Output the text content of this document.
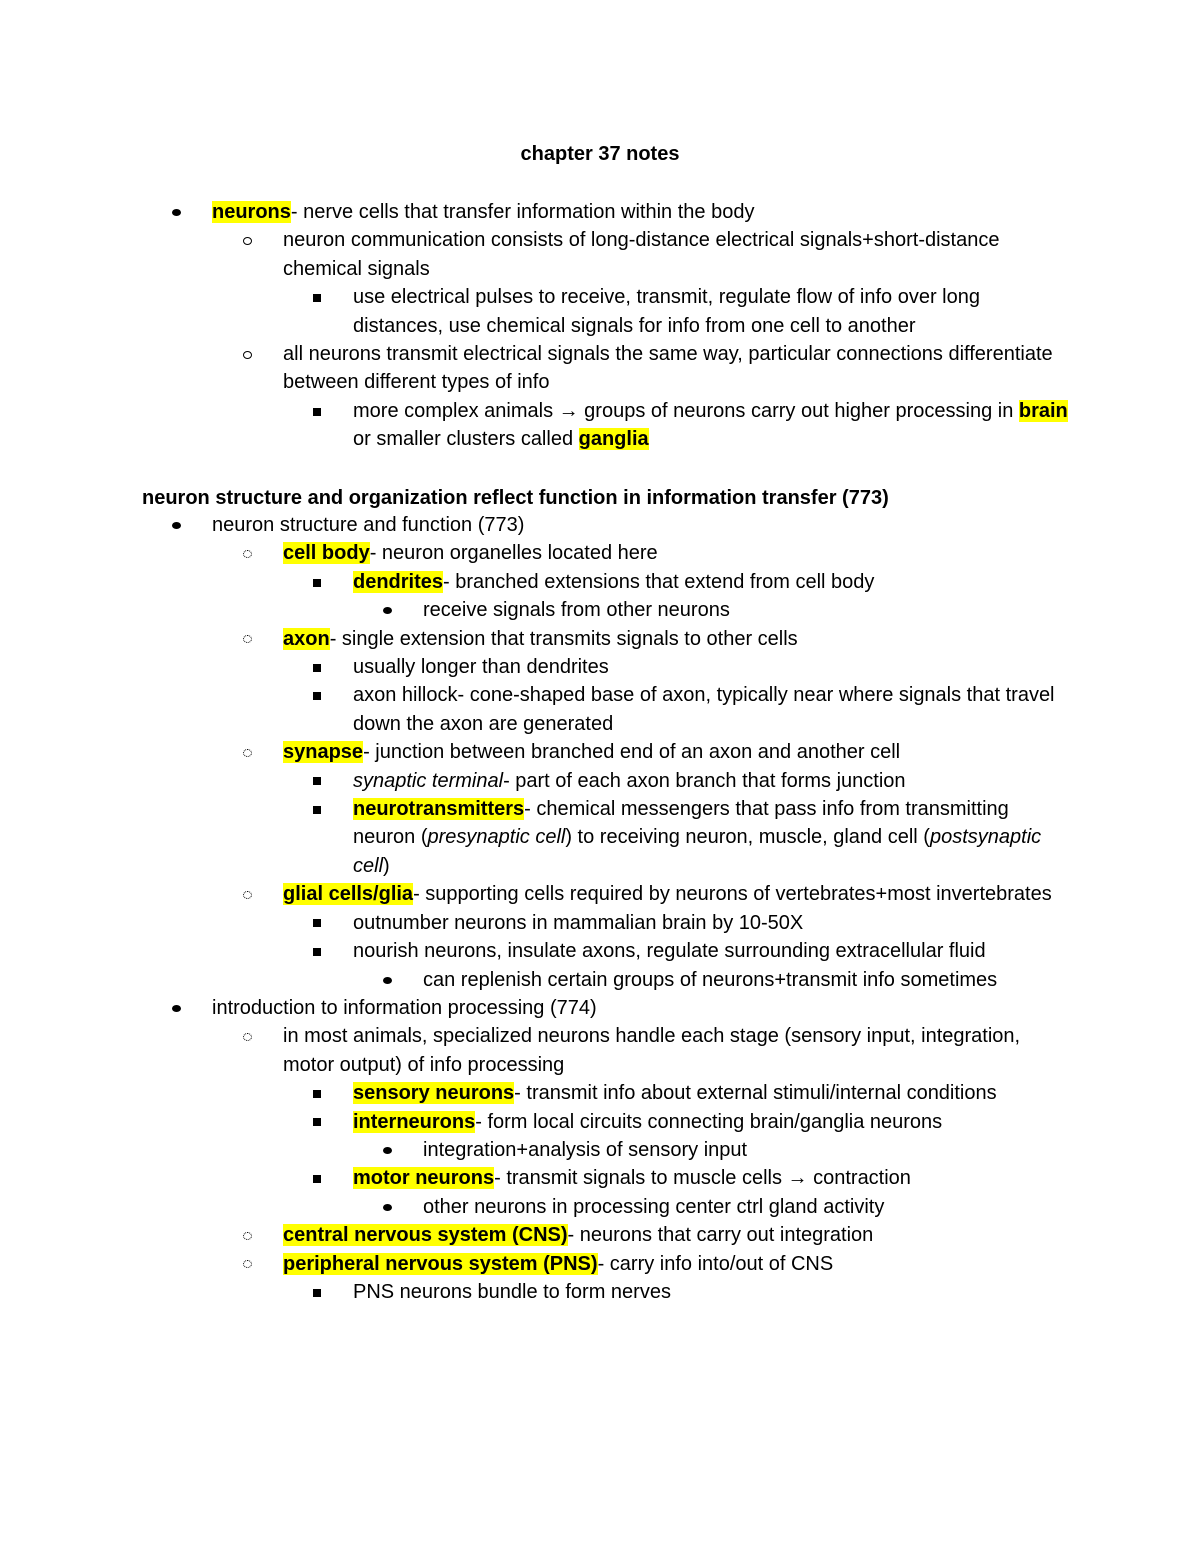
chapter 37 notes
neurons- nerve cells that transfer information within the body
neuron communication consists of long-distance electrical signals+short-distance chemical signals
use electrical pulses to receive, transmit, regulate flow of info over long distances, use chemical signals for info from one cell to another
all neurons transmit electrical signals the same way, particular connections differentiate between different types of info
more complex animals → groups of neurons carry out higher processing in brain or smaller clusters called ganglia
neuron structure and organization reflect function in information transfer (773)
neuron structure and function (773)
cell body- neuron organelles located here
dendrites- branched extensions that extend from cell body
receive signals from other neurons
axon- single extension that transmits signals to other cells
usually longer than dendrites
axon hillock- cone-shaped base of axon, typically near where signals that travel down the axon are generated
synapse- junction between branched end of an axon and another cell
synaptic terminal- part of each axon branch that forms junction
neurotransmitters- chemical messengers that pass info from transmitting neuron (presynaptic cell) to receiving neuron, muscle, gland cell (postsynaptic cell)
glial cells/glia- supporting cells required by neurons of vertebrates+most invertebrates
outnumber neurons in mammalian brain by 10-50X
nourish neurons, insulate axons, regulate surrounding extracellular fluid
can replenish certain groups of neurons+transmit info sometimes
introduction to information processing (774)
in most animals, specialized neurons handle each stage (sensory input, integration, motor output) of info processing
sensory neurons- transmit info about external stimuli/internal conditions
interneurons- form local circuits connecting brain/ganglia neurons
integration+analysis of sensory input
motor neurons- transmit signals to muscle cells → contraction
other neurons in processing center ctrl gland activity
central nervous system (CNS)- neurons that carry out integration
peripheral nervous system (PNS)- carry info into/out of CNS
PNS neurons bundle to form nerves
